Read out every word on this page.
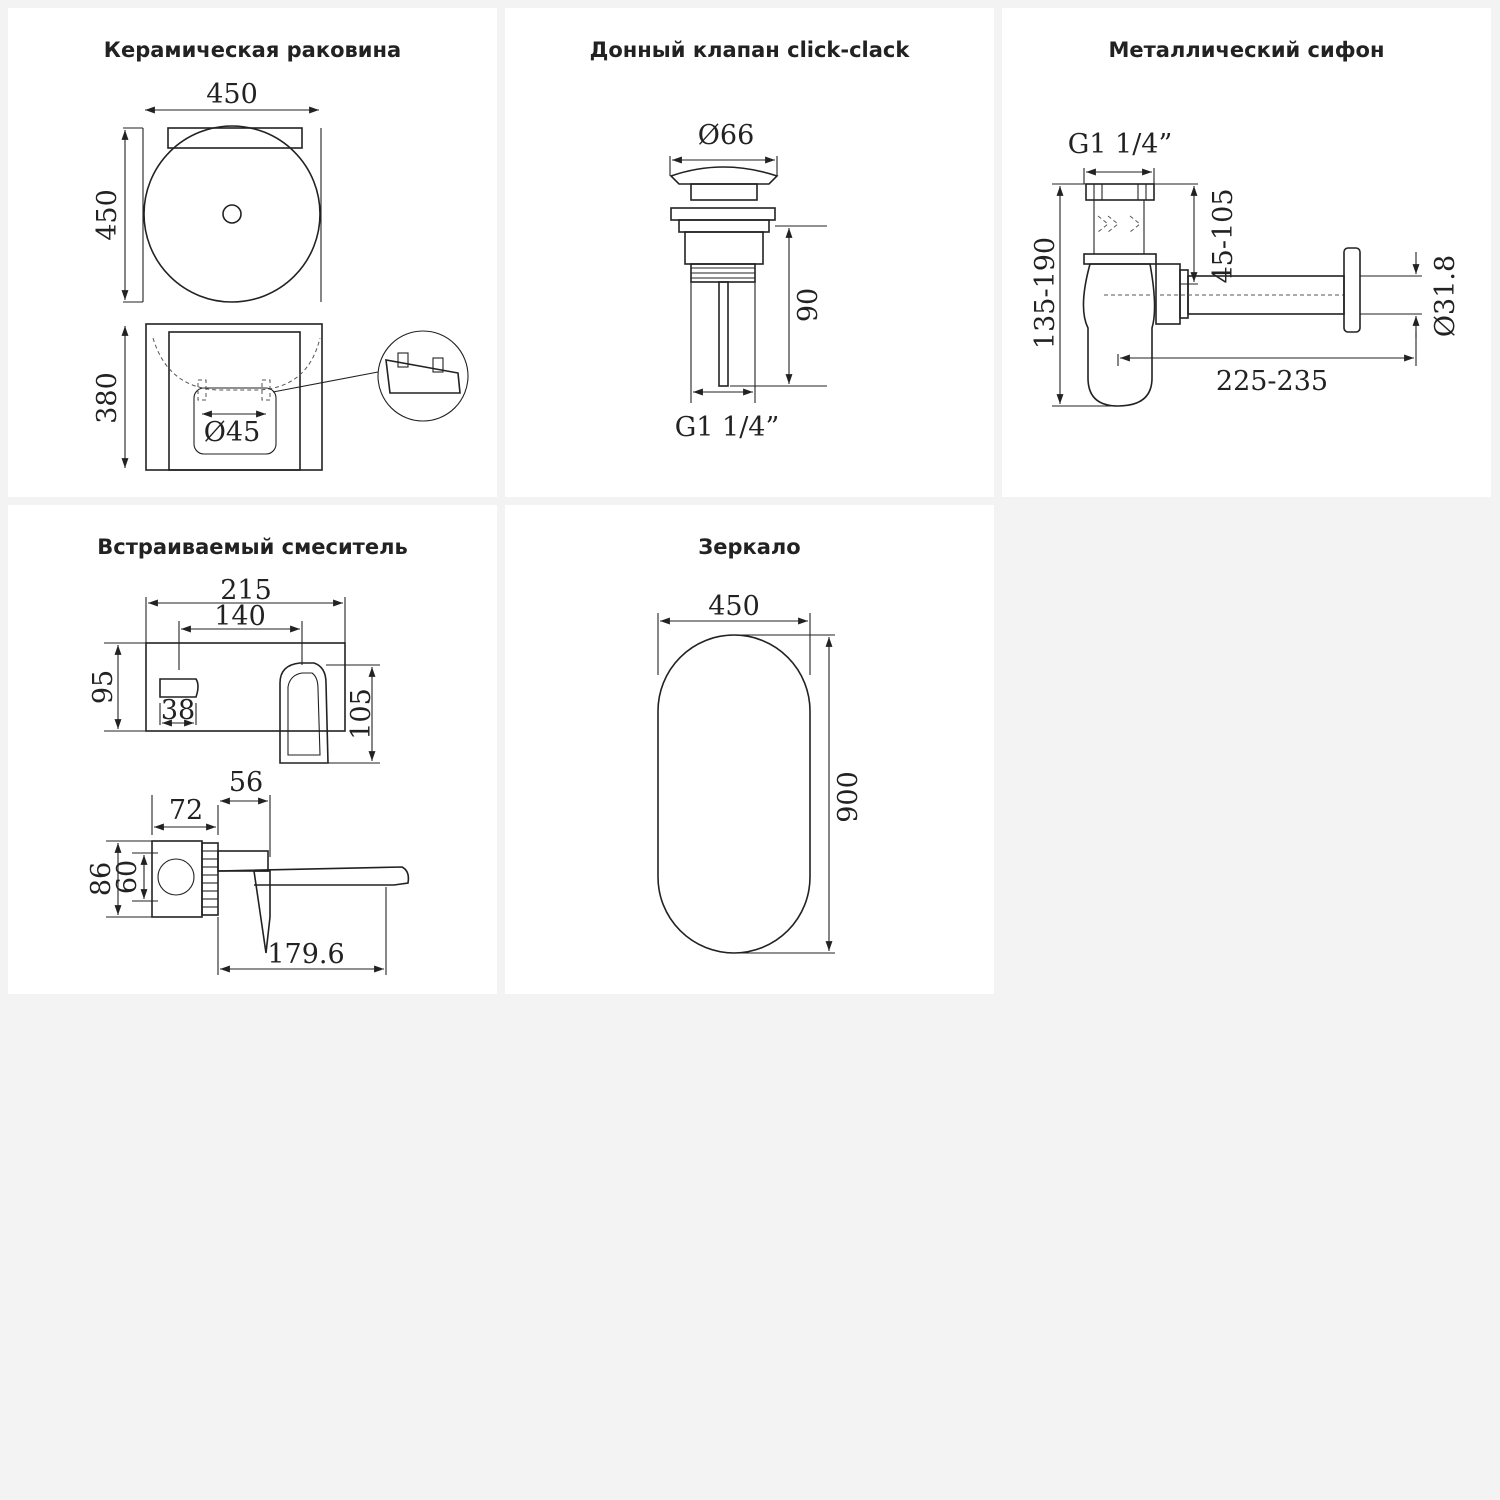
Керамическая раковина
450
450
Ø45
380
Донный клапан click-clack
Ø66
G1 1/4”
90
Металлический сифон
G1 1/4”
Ø31.8
45-105
135-190
225-235
Встраиваемый смеситель
215
140
38
95
105
56
72
86
60
179.6
Зеркало
450
900
